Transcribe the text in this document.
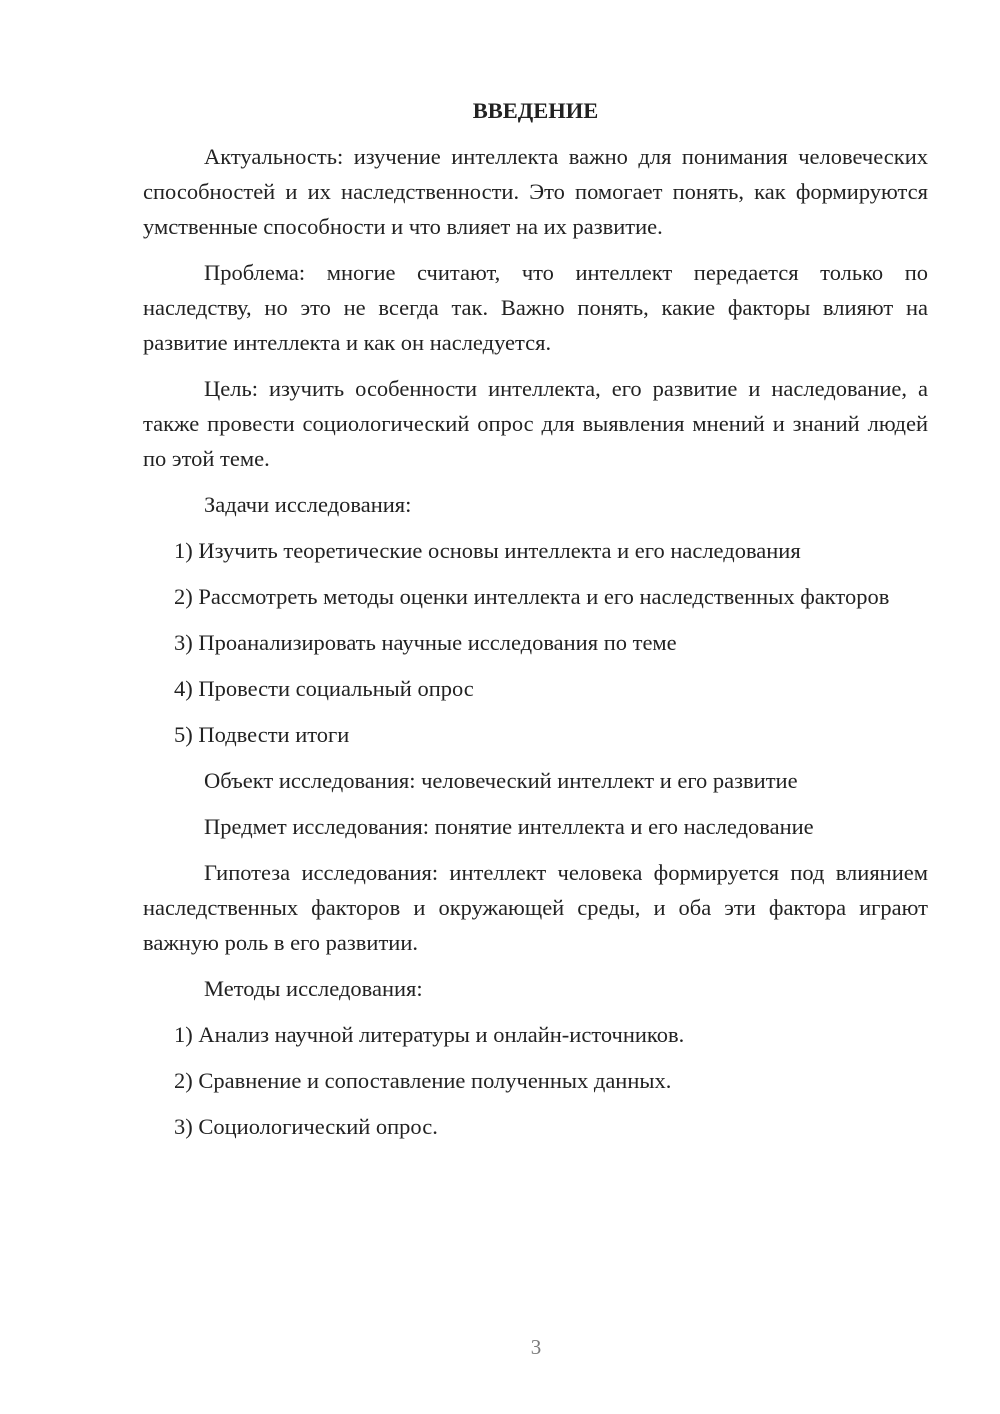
ВВЕДЕНИЕ

Актуальность: изучение интеллекта важно для понимания человеческих способностей и их наследственности. Это помогает понять, как формируются умственные способности и что влияет на их развитие.

Проблема: многие считают, что интеллект передается только по наследству, но это не всегда так. Важно понять, какие факторы влияют на развитие интеллекта и как он наследуется.

Цель: изучить особенности интеллекта, его развитие и наследование, а также провести социологический опрос для выявления мнений и знаний людей по этой теме.

Задачи исследования:

1) Изучить теоретические основы интеллекта и его наследования

2) Рассмотреть методы оценки интеллекта и его наследственных факторов

3) Проанализировать научные исследования по теме

4) Провести социальный опрос

5) Подвести итоги

Объект исследования: человеческий интеллект и его развитие

Предмет исследования: понятие интеллекта и его наследование

Гипотеза исследования: интеллект человека формируется под влиянием наследственных факторов и окружающей среды, и оба эти фактора играют важную роль в его развитии.

Методы исследования:

1) Анализ научной литературы и онлайн-источников.

2) Сравнение и сопоставление полученных данных.

3) Социологический опрос.

3
